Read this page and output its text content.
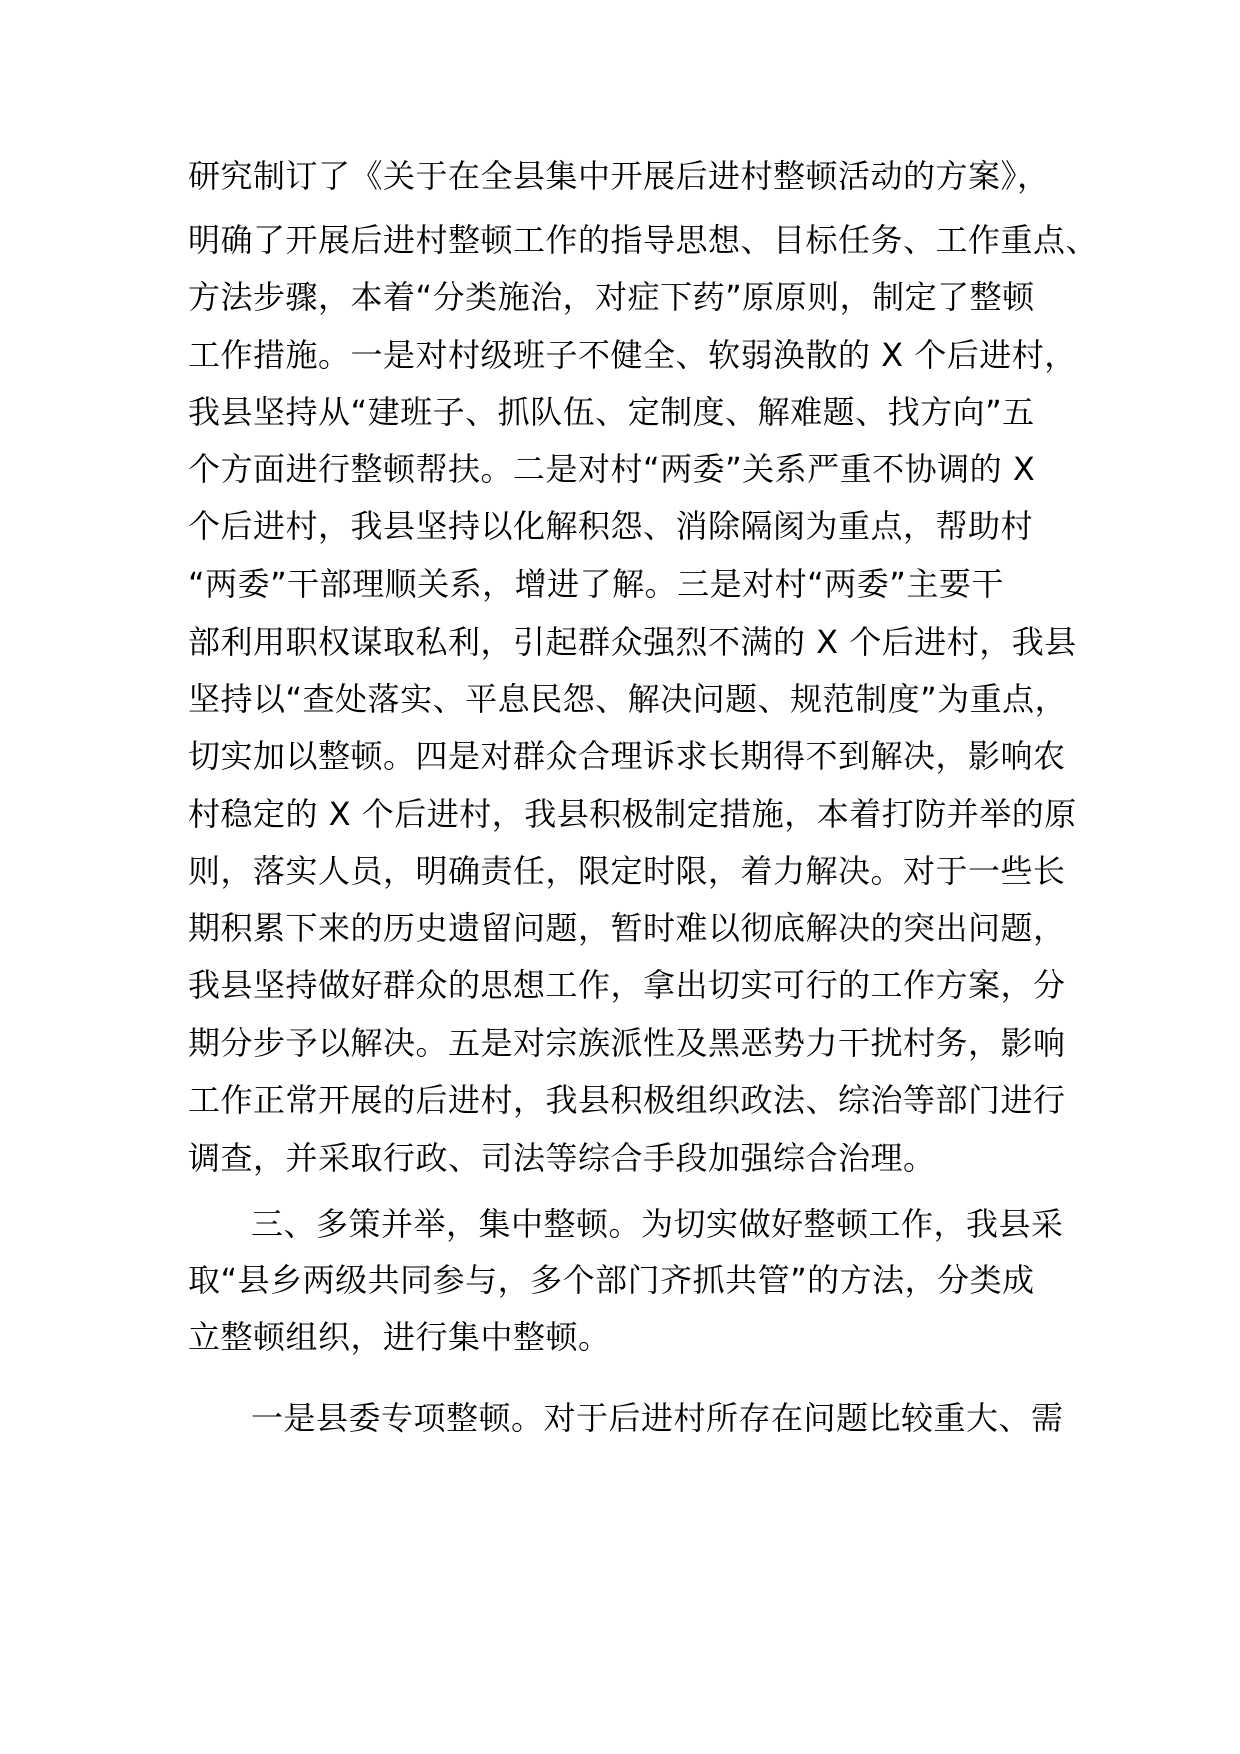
研究制订了《关于在全县集中开展后进村整顿活动的方案》，
明确了开展后进村整顿工作的指导思想、目标任务、工作重点、
方法步骤，本着“分类施治，对症下药”原原则，制定了整顿
工作措施。一是对村级班子不健全、软弱涣散的 X 个后进村，
我县坚持从“建班子、抓队伍、定制度、解难题、找方向”五
个方面进行整顿帮扶。二是对村“两委”关系严重不协调的 X
个后进村，我县坚持以化解积怨、消除隔阂为重点，帮助村
“两委”干部理顺关系，增进了解。三是对村“两委”主要干
部利用职权谋取私利，引起群众强烈不满的 X 个后进村，我县
坚持以“查处落实、平息民怨、解决问题、规范制度”为重点，
切实加以整顿。四是对群众合理诉求长期得不到解决，影响农
村稳定的 X 个后进村，我县积极制定措施，本着打防并举的原
则，落实人员，明确责任，限定时限，着力解决。对于一些长
期积累下来的历史遗留问题，暂时难以彻底解决的突出问题，
我县坚持做好群众的思想工作，拿出切实可行的工作方案，分
期分步予以解决。五是对宗族派性及黑恶势力干扰村务，影响
工作正常开展的后进村，我县积极组织政法、综治等部门进行
调查，并采取行政、司法等综合手段加强综合治理。
三、多策并举，集中整顿。为切实做好整顿工作，我县采
取“县乡两级共同参与，多个部门齐抓共管”的方法，分类成
立整顿组织，进行集中整顿。
一是县委专项整顿。对于后进村所存在问题比较重大、需
